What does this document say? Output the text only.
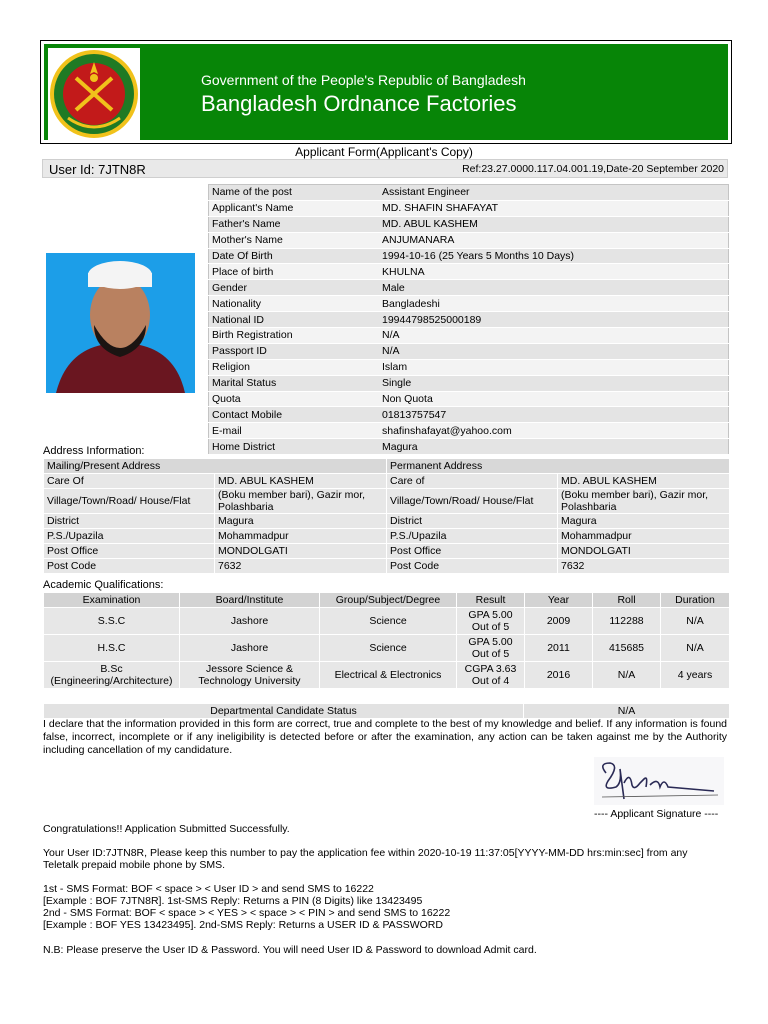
Government of the People's Republic of Bangladesh
Bangladesh Ordnance Factories
Applicant Form(Applicant's Copy)
User Id: 7JTN8R	Ref:23.27.0000.117.04.001.19,Date-20 September 2020
Name of the post	Assistant Engineer
Applicant's Name	MD. SHAFIN SHAFAYAT
Father's Name	MD. ABUL KASHEM
Mother's Name	ANJUMANARA
Date Of Birth	1994-10-16 (25 Years 5 Months 10 Days)
Place of birth	KHULNA
Gender	Male
Nationality	Bangladeshi
National ID	19944798525000189
Birth Registration	N/A
Passport ID	N/A
Religion	Islam
Marital Status	Single
Quota	Non Quota
Contact Mobile	01813757547
E-mail	shafinshafayat@yahoo.com
Home District	Magura
Address Information:
Mailing/Present Address		Permanent Address	
Care Of	MD. ABUL KASHEM	Care of	MD. ABUL KASHEM
Village/Town/Road/ House/Flat	(Boku member bari), Gazir mor, Polashbaria	Village/Town/Road/ House/Flat	(Boku member bari), Gazir mor, Polashbaria
District	Magura	District	Magura
P.S./Upazila	Mohammadpur	P.S./Upazila	Mohammadpur
Post Office	MONDOLGATI	Post Office	MONDOLGATI
Post Code	7632	Post Code	7632
Academic Qualifications:
Examination	Board/Institute	Group/Subject/Degree	Result	Year	Roll	Duration
S.S.C	Jashore	Science	GPA 5.00 Out of 5	2009	112288	N/A
H.S.C	Jashore	Science	GPA 5.00 Out of 5	2011	415685	N/A
B.Sc (Engineering/Architecture)	Jessore Science & Technology University	Electrical & Electronics	CGPA 3.63 Out of 4	2016	N/A	4 years
Departmental Candidate Status	N/A
I declare that the information provided in this form are correct, true and complete to the best of my knowledge and belief. If any information is found false, incorrect, incomplete or if any ineligibility is detected before or after the examination, any action can be taken against me by the Authority including cancellation of my candidature.
---- Applicant Signature ----
Congratulations!! Application Submitted Successfully.
Your User ID:7JTN8R, Please keep this number to pay the application fee within 2020-10-19 11:37:05[YYYY-MM-DD hrs:min:sec] from any
Teletalk prepaid mobile phone by SMS.
1st - SMS Format: BOF < space > < User ID > and send SMS to 16222
[Example : BOF 7JTN8R]. 1st-SMS Reply: Returns a PIN (8 Digits) like 13423495
2nd - SMS Format: BOF < space > < YES > < space > < PIN > and send SMS to 16222
[Example : BOF YES 13423495]. 2nd-SMS Reply: Returns a USER ID & PASSWORD
N.B: Please preserve the User ID & Password. You will need User ID & Password to download Admit card.
